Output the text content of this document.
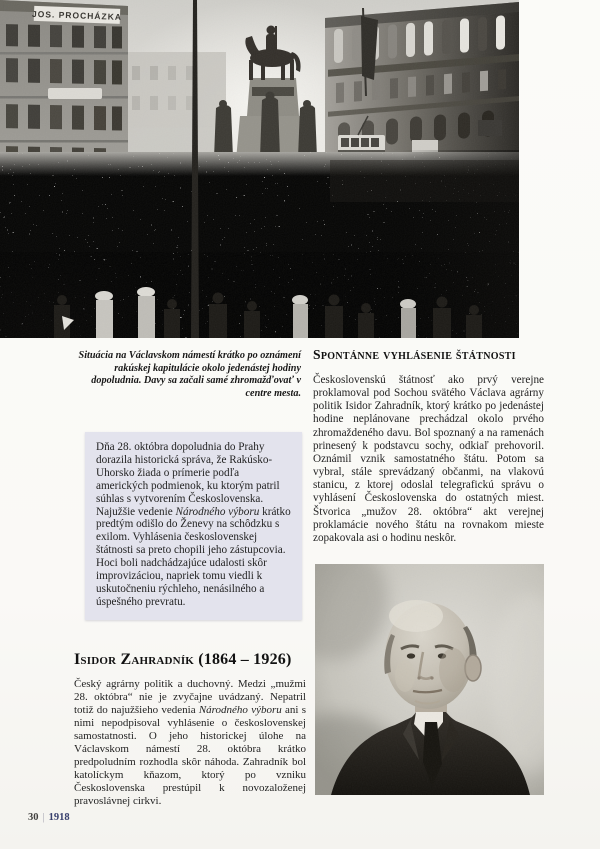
JOS. PROCHÁZKA
Situácia na Václavskom námestí krátko po oznámení rakúskej kapitulácie okolo jedenástej hodiny dopoludnia. Davy sa začali samé zhromažďovať v centre mesta.
Spontánne vyhlásenie štátnosti

Československú štátnosť ako prvý verejne proklamoval pod Sochou svätého Václava agrárny politik Isidor Zahradník, ktorý krátko po jedenástej hodine neplánovane prechádzal okolo prvého zhromaždeného davu. Bol spoznaný a na ramenách prinesený k podstavcu sochy, odkiaľ prehovoril. Oznámil vznik samostatného štátu. Potom sa vybral, stále sprevádzaný občanmi, na vlakovú stanicu, z ktorej odoslal telegrafickú správu o vyhlásení Československa do ostatných miest. Štvorica „mužov 28. októbra“ akt verejnej proklamácie nového štátu na rovnakom mieste zopakovala asi o hodinu neskôr.

Dňa 28. októbra dopoludnia do Prahy dorazila historická správa, že Rakúsko-Uhorsko žiada o prímerie podľa amerických podmienok, ku ktorým patril súhlas s vytvorením Československa. Najužšie vedenie Národného výboru krátko predtým odišlo do Ženevy na schôdzku s exilom. Vyhlásenia československej štátnosti sa preto chopili jeho zástupcovia. Hoci boli nadchádzajúce udalosti skôr improvizáciou, napriek tomu viedli k uskutočneniu rýchleho, nenásilného a úspešného prevratu.

Isidor Zahradník (1864 – 1926)

Český agrárny politik a duchovný. Medzi „mužmi 28. októbra“ nie je zvyčajne uvádzaný. Nepatril totiž do najužšieho vedenia Národného výboru ani s nimi nepodpisoval vyhlásenie o československej samostatnosti. O jeho historickej úlohe na Václavskom námestí 28. októbra krátko predpoludním rozhodla skôr náhoda. Zahradník bol katolíckym kňazom, ktorý po vzniku Československa prestúpil k novozaloženej pravoslávnej cirkvi.

30 | 1918
